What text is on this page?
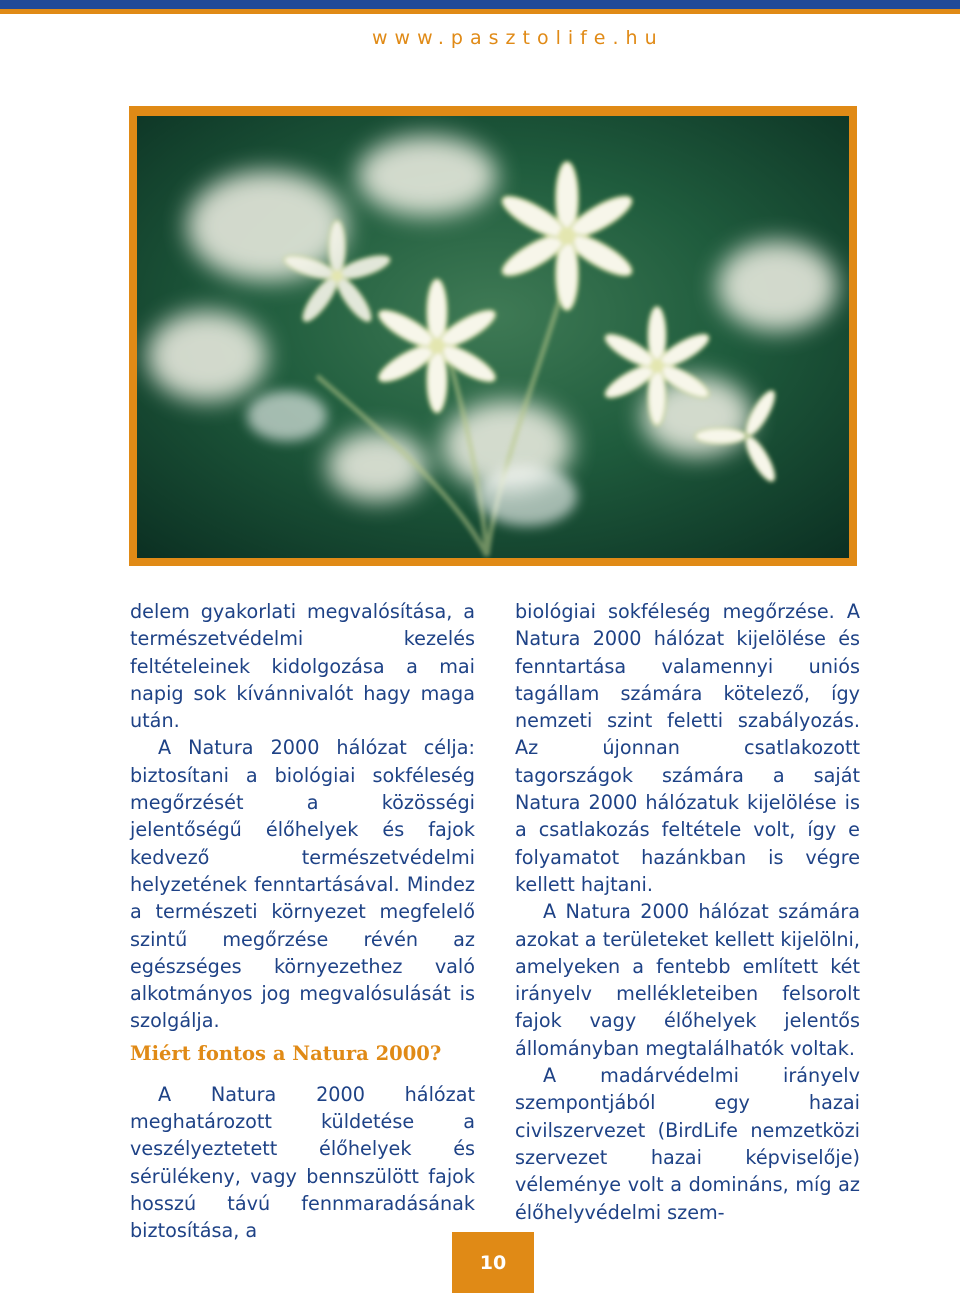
www.pasztolife.hu

delem gyakorlati megvalósítása, a természetvédelmi kezelés feltételeinek kidolgozása a mai napig sok kívánnivalót hagy maga után.

A Natura 2000 hálózat célja: biztosítani a biológiai sokféleség megőrzését a közösségi jelentőségű élőhelyek és fajok kedvező természetvédelmi helyzetének fenntartásával. Mindez a természeti környezet megfelelő szintű megőrzése révén az egészséges környezethez való alkotmányos jog megvalósulását is szolgálja.

Miért fontos a Natura 2000?

A Natura 2000 hálózat meghatározott küldetése a veszélyeztetett élőhelyek és sérülékeny, vagy bennszülött fajok hosszú távú fennmaradásának biztosítása, a

biológiai sokféleség megőrzése. A Natura 2000 hálózat kijelölése és fenntartása valamennyi uniós tagállam számára kötelező, így nemzeti szint feletti szabályozás. Az újonnan csatlakozott tagországok számára a saját Natura 2000 hálózatuk kijelölése is a csatlakozás feltétele volt, így e folyamatot hazánkban is végre kellett hajtani.

A Natura 2000 hálózat számára azokat a területeket kellett kijelölni, amelyeken a fentebb említett két irányelv mellékleteiben felsorolt fajok vagy élőhelyek jelentős állományban megtalálhatók voltak.

A madárvédelmi irányelv szempontjából egy hazai civilszervezet (BirdLife nemzetközi szervezet hazai képviselője) véleménye volt a domináns, míg az élőhelyvédelmi szem-

10
